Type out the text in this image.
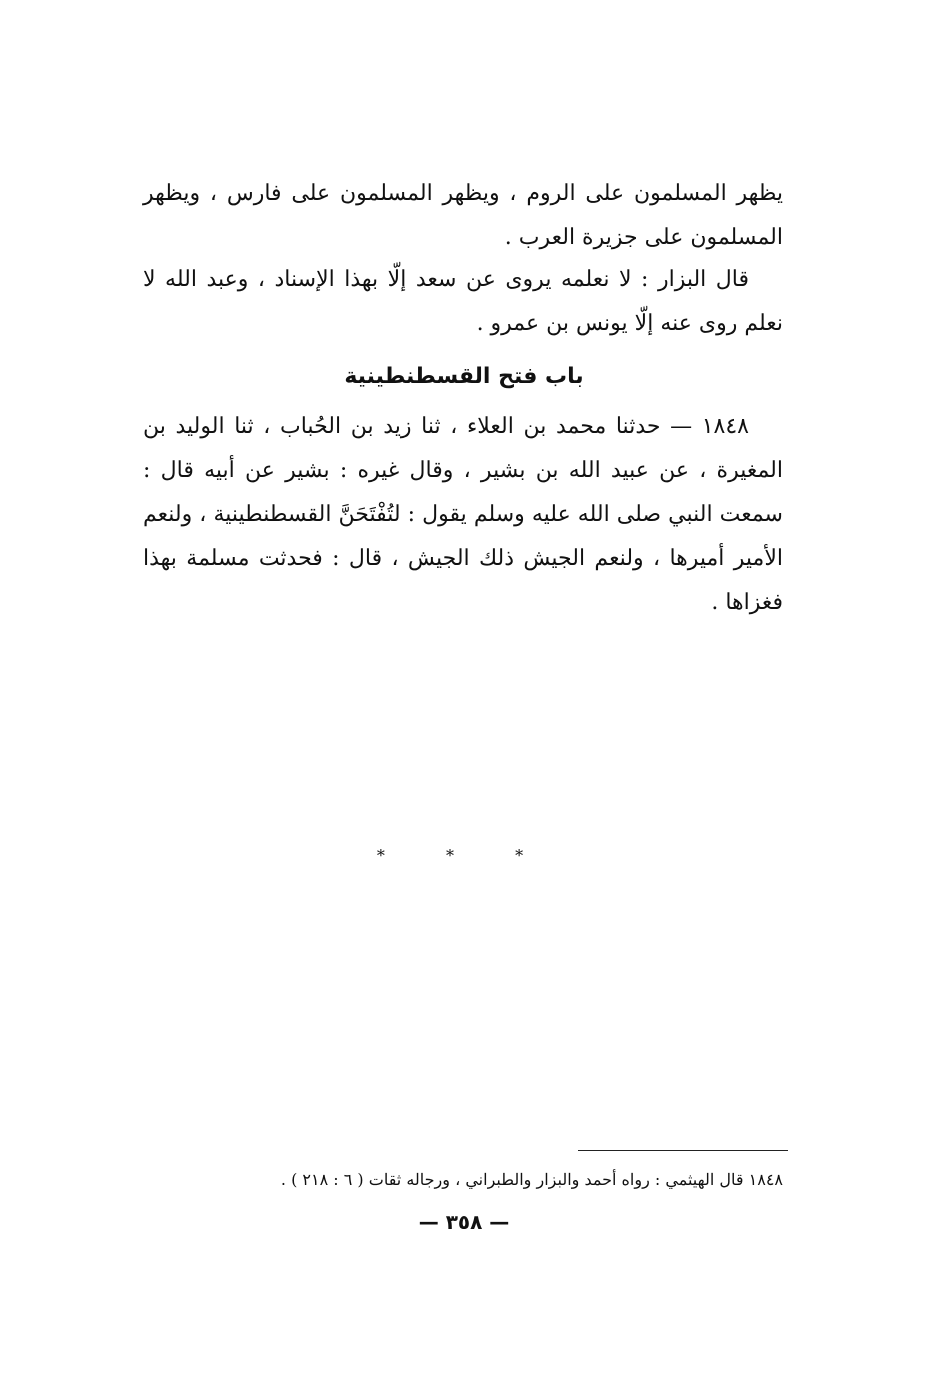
يظهر المسلمون على الروم ، ويظهر المسلمون على فارس ، ويظهر المسلمون على جزيرة العرب .

قال البزار : لا نعلمه يروى عن سعد إلّا بهذا الإسناد ، وعبد الله لا نعلم روى عنه إلّا يونس بن عمرو .

باب فتح القسطنطينية

١٨٤٨ — حدثنا محمد بن العلاء ، ثنا زيد بن الحُباب ، ثنا الوليد بن المغيرة ، عن عبيد الله بن بشير ، وقال غيره : بشير عن أبيه قال : سمعت النبي صلى الله عليه وسلم يقول : لتُفْتَحَنَّ القسطنطينية ، ولنعم الأمير أميرها ، ولنعم الجيش ذلك الجيش ، قال : فحدثت مسلمة بهذا فغزاها .

* * *
١٨٤٨ قال الهيثمي : رواه أحمد والبزار والطبراني ، ورجاله ثقات ( ٦ : ٢١٨ ) .
— ٣٥٨ —
